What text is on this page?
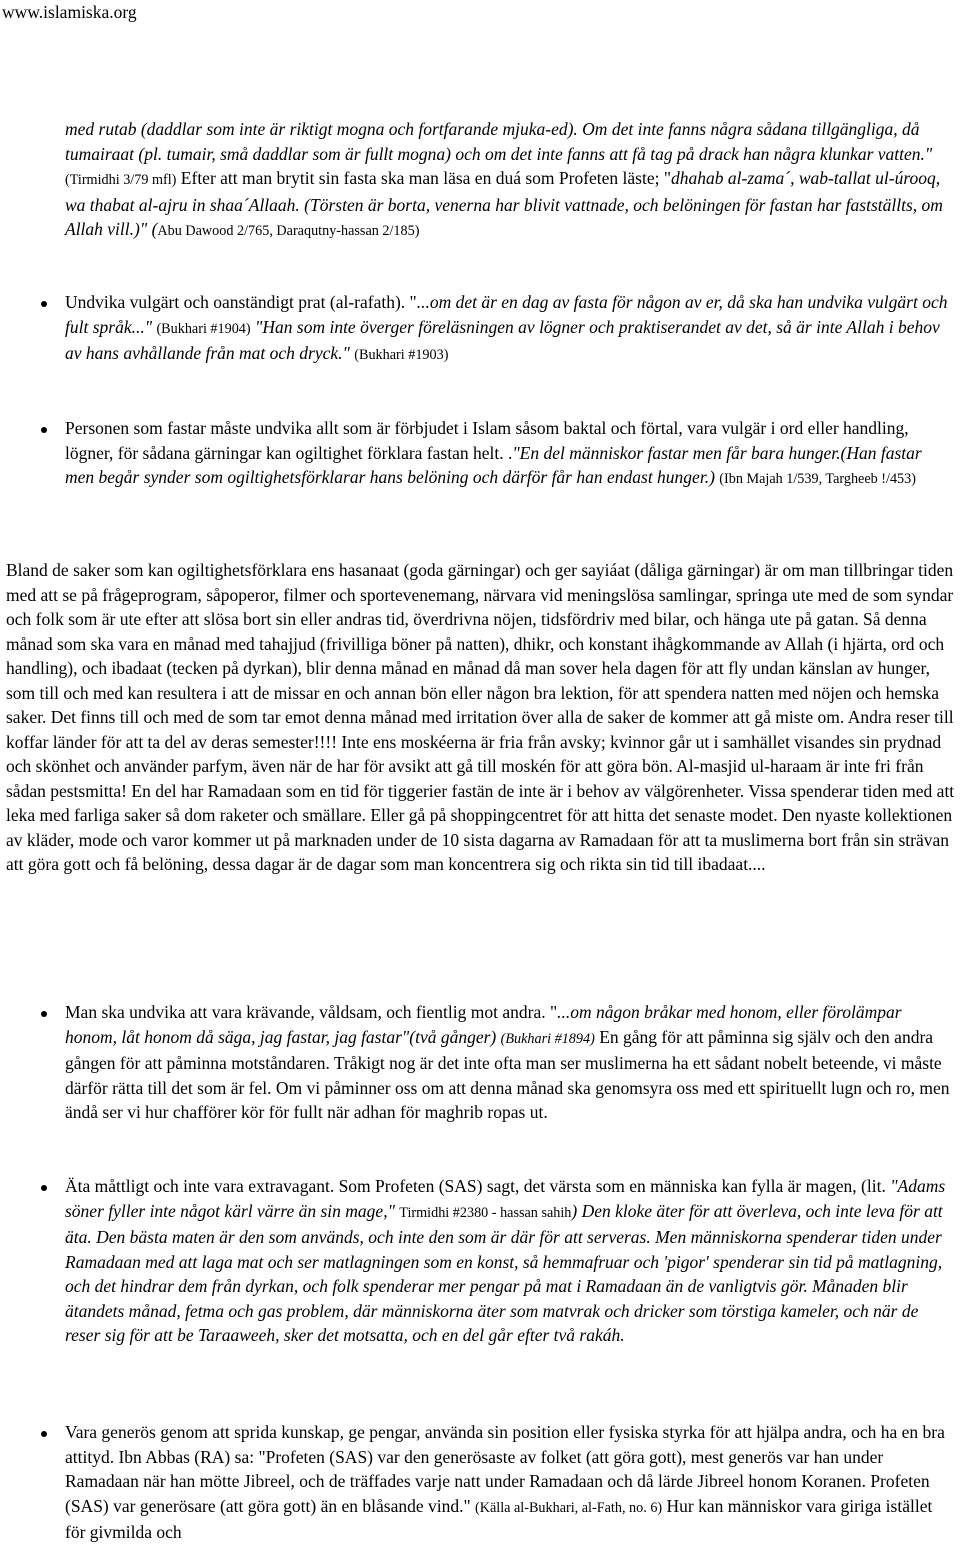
www.islamiska.org

med rutab (daddlar som inte är riktigt mogna och fortfarande mjuka-ed). Om det inte fanns några sådana tillgängliga, då tumairaat (pl. tumair, små daddlar som är fullt mogna) och om det inte fanns att få tag på drack han några klunkar vatten." (Tirmidhi 3/79 mfl) Efter att man brytit sin fasta ska man läsa en duá som Profeten läste; "dhahab al-zama´, wab-tallat ul-úrooq, wa thabat al-ajru in shaa´Allaah. (Törsten är borta, venerna har blivit vattnade, och belöningen för fastan har fastställts, om Allah vill.)" (Abu Dawood 2/765, Daraqutny-hassan 2/185)

Undvika vulgärt och oanständigt prat (al-rafath). "...om det är en dag av fasta för någon av er, då ska han undvika vulgärt och fult språk..." (Bukhari #1904) "Han som inte överger föreläsningen av lögner och praktiserandet av det, så är inte Allah i behov av hans avhållande från mat och dryck." (Bukhari #1903)

Personen som fastar måste undvika allt som är förbjudet i Islam såsom baktal och förtal, vara vulgär i ord eller handling, lögner, för sådana gärningar kan ogiltighet förklara fastan helt. ."En del människor fastar men får bara hunger.(Han fastar men begår synder som ogiltighetsförklarar hans belöning och därför får han endast hunger.) (Ibn Majah 1/539, Targheeb !/453)

Bland de saker som kan ogiltighetsförklara ens hasanaat (goda gärningar) och ger sayiáat (dåliga gärningar) är om man tillbringar tiden med att se på frågeprogram, såpoperor, filmer och sportevenemang, närvara vid meningslösa samlingar, springa ute med de som syndar och folk som är ute efter att slösa bort sin eller andras tid, överdrivna nöjen, tidsfördriv med bilar, och hänga ute på gatan. Så denna månad som ska vara en månad med tahajjud (frivilliga böner på natten), dhikr, och konstant ihågkommande av Allah (i hjärta, ord och handling), och ibadaat (tecken på dyrkan), blir denna månad en månad då man sover hela dagen för att fly undan känslan av hunger, som till och med kan resultera i att de missar en och annan bön eller någon bra lektion, för att spendera natten med nöjen och hemska saker. Det finns till och med de som tar emot denna månad med irritation över alla de saker de kommer att gå miste om. Andra reser till koffar länder för att ta del av deras semester!!!! Inte ens moskéerna är fria från avsky; kvinnor går ut i samhället visandes sin prydnad och skönhet och använder parfym, även när de har för avsikt att gå till moskén för att göra bön. Al-masjid ul-haraam är inte fri från sådan pestsmitta! En del har Ramadaan som en tid för tiggerier fastän de inte är i behov av välgörenheter. Vissa spenderar tiden med att leka med farliga saker så dom raketer och smällare. Eller gå på shoppingcentret för att hitta det senaste modet. Den nyaste kollektionen av kläder, mode och varor kommer ut på marknaden under de 10 sista dagarna av Ramadaan för att ta muslimerna bort från sin strävan att göra gott och få belöning, dessa dagar är de dagar som man koncentrera sig och rikta sin tid till ibadaat....

Man ska undvika att vara krävande, våldsam, och fientlig mot andra. "...om någon bråkar med honom, eller förolämpar honom, låt honom då säga, jag fastar, jag fastar"(två gånger) (Bukhari #1894) En gång för att påminna sig själv och den andra gången för att påminna motståndaren. Tråkigt nog är det inte ofta man ser muslimerna ha ett sådant nobelt beteende, vi måste därför rätta till det som är fel. Om vi påminner oss om att denna månad ska genomsyra oss med ett spirituellt lugn och ro, men ändå ser vi hur chafförer kör för fullt när adhan för maghrib ropas ut.

Äta måttligt och inte vara extravagant. Som Profeten (SAS) sagt, det värsta som en människa kan fylla är magen, (lit. "Adams söner fyller inte något kärl värre än sin mage," Tirmidhi #2380 - hassan sahih) Den kloke äter för att överleva, och inte leva för att äta. Den bästa maten är den som används, och inte den som är där för att serveras. Men människorna spenderar tiden under Ramadaan med att laga mat och ser matlagningen som en konst, så hemmafruar och 'pigor' spenderar sin tid på matlagning, och det hindrar dem från dyrkan, och folk spenderar mer pengar på mat i Ramadaan än de vanligtvis gör. Månaden blir ätandets månad, fetma och gas problem, där människorna äter som matvrak och dricker som törstiga kameler, och när de reser sig för att be Taraaweeh, sker det motsatta, och en del går efter två rakáh.

Vara generös genom att sprida kunskap, ge pengar, använda sin position eller fysiska styrka för att hjälpa andra, och ha en bra attityd. Ibn Abbas (RA) sa: "Profeten (SAS) var den generösaste av folket (att göra gott), mest generös var han under Ramadaan när han mötte Jibreel, och de träffades varje natt under Ramadaan och då lärde Jibreel honom Koranen. Profeten (SAS) var generösare (att göra gott) än en blåsande vind." (Källa al-Bukhari, al-Fath, no. 6) Hur kan människor vara giriga istället för givmilda och
